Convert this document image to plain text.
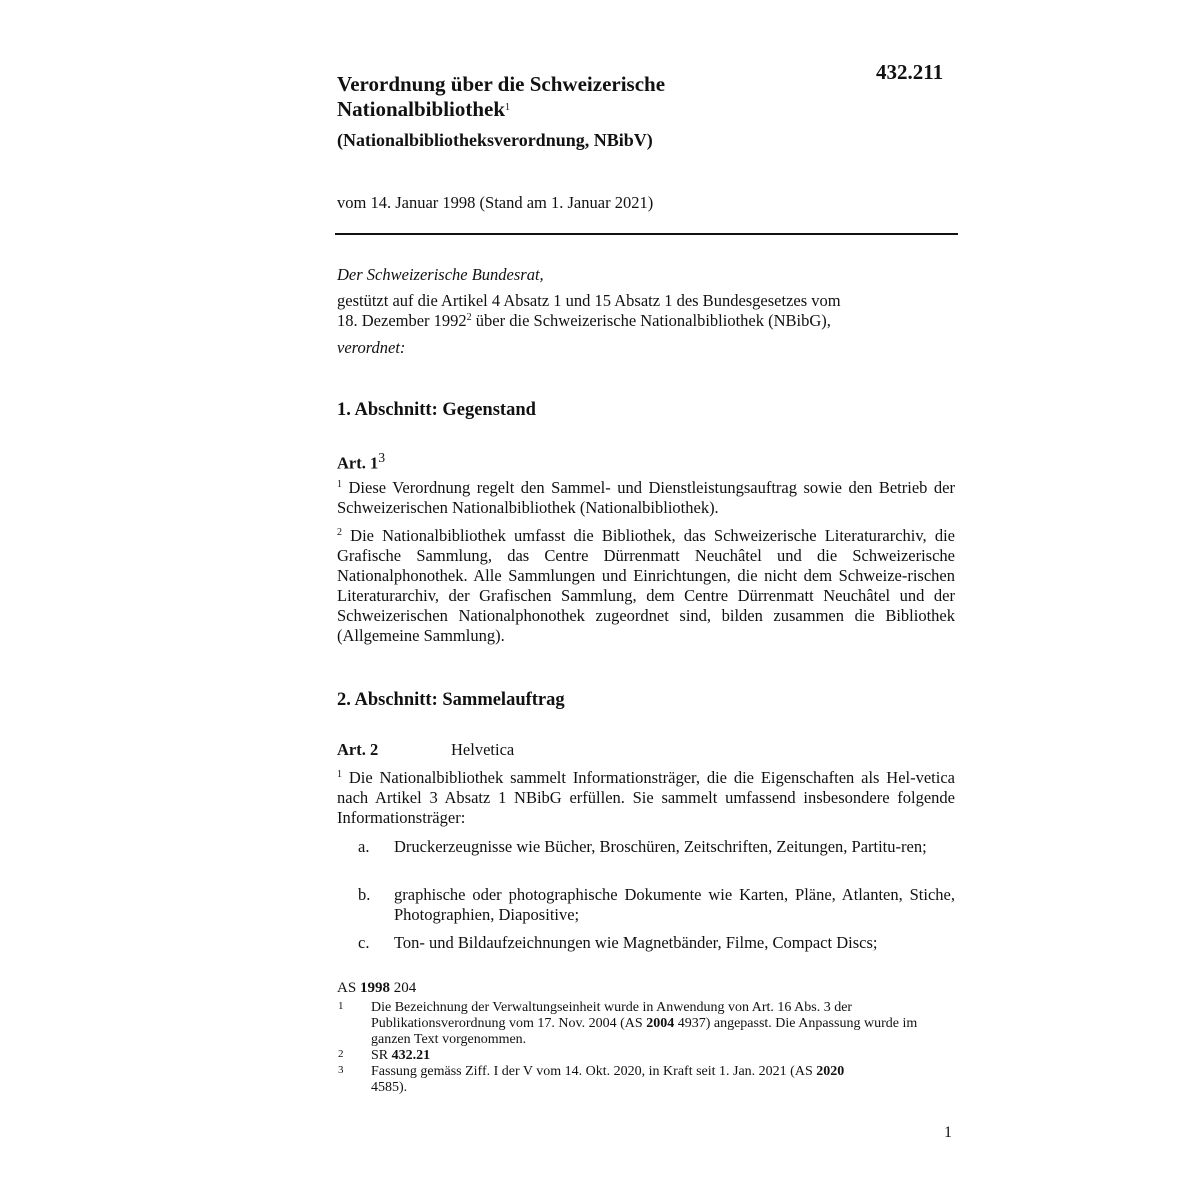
432.211
Verordnung über die Schweizerische
Nationalbibliothek$^1$
(Nationalbibliotheksverordnung, NBibV)
vom 14. Januar 1998 (Stand am 1. Januar 2021)
Der Schweizerische Bundesrat,
gestützt auf die Artikel 4 Absatz 1 und 15 Absatz 1 des Bundesgesetzes vom
18. Dezember 1992$^2$ über die Schweizerische Nationalbibliothek (NBibG),
verordnet:
1. Abschnitt: Gegenstand
Art. $1^3$
$^1$ Diese Verordnung regelt den Sammel- und Dienstleistungsauftrag sowie den Betrieb der Schweizerischen Nationalbibliothek (Nationalbibliothek).
$^2$ Die Nationalbibliothek umfasst die Bibliothek, das Schweizerische Literaturarchiv, die Grafische Sammlung, das Centre Dürrenmatt Neuchâtel und die Schweizerische Nationalphonothek. Alle Sammlungen und Einrichtungen, die nicht dem Schweize-rischen Literaturarchiv, der Grafischen Sammlung, dem Centre Dürrenmatt Neuchâtel und der Schweizerischen Nationalphonothek zugeordnet sind, bilden zusammen die Bibliothek (Allgemeine Sammlung).
2. Abschnitt: Sammelauftrag
Art. 2	Helvetica
$^1$ Die Nationalbibliothek sammelt Informationsträger, die die Eigenschaften als Hel-vetica nach Artikel 3 Absatz 1 NBibG erfüllen. Sie sammelt umfassend insbesondere folgende Informationsträger:
a. Druckerzeugnisse wie Bücher, Broschüren, Zeitschriften, Zeitungen, Partitu-ren;
b. graphische oder photographische Dokumente wie Karten, Pläne, Atlanten, Stiche, Photographien, Diapositive;
c. Ton- und Bildaufzeichnungen wie Magnetbänder, Filme, Compact Discs;
AS 1998 204
1 Die Bezeichnung der Verwaltungseinheit wurde in Anwendung von Art. 16 Abs. 3 der Publikationsverordnung vom 17. Nov. 2004 (AS 2004 4937) angepasst. Die Anpassung wurde im ganzen Text vorgenommen.
2 SR 432.21
3 Fassung gemäss Ziff. I der V vom 14. Okt. 2020, in Kraft seit 1. Jan. 2021 (AS 2020 4585).
1
